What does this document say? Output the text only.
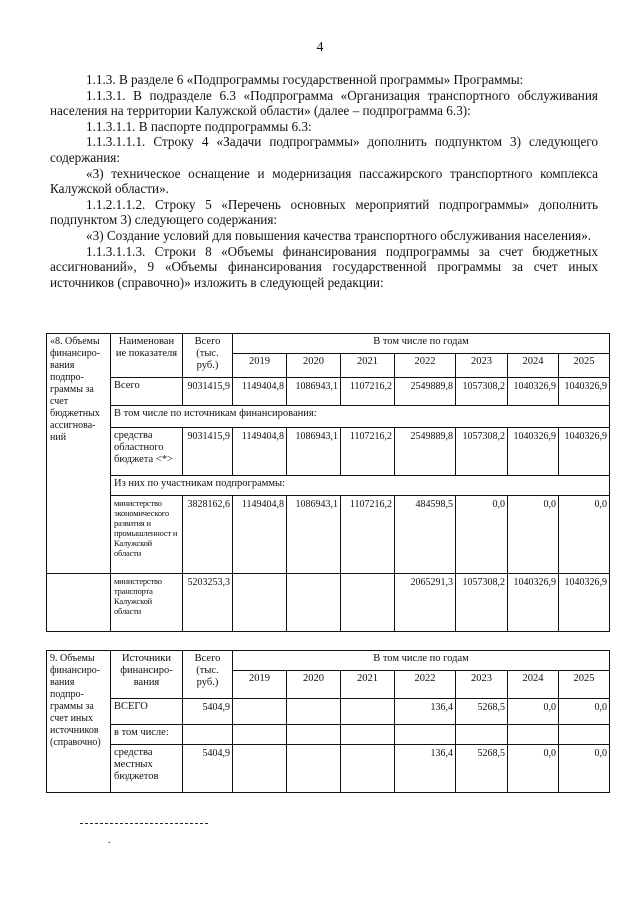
4

1.1.3. В разделе 6 «Подпрограммы государственной программы» Программы:

1.1.3.1. В подразделе 6.3 «Подпрограмма «Организация транспортного обслуживания населения на территории Калужской области» (далее – подпрограмма 6.3):

1.1.3.1.1. В паспорте подпрограммы 6.3:

1.1.3.1.1.1. Строку 4 «Задачи подпрограммы» дополнить подпунктом 3) следующего содержания:

«3) техническое оснащение и модернизация пассажирского транспортного комплекса Калужской области».

1.1.2.1.1.2. Строку 5 «Перечень основных мероприятий подпрограммы» дополнить подпунктом 3) следующего содержания:

«3) Создание условий для повышения качества транспортного обслуживания населения».

1.1.3.1.1.3. Строки 8 «Объемы финансирования подпрограммы за счет бюджетных ассигнований», 9 «Объемы финансирования государственной программы за счет иных источников (справочно)» изложить в следующей редакции:

«8. Объемы финансиро-вания подпро-граммы за счет бюджетных ассигнова-ний	Наименован ие показателя	Всего (тыс. руб.)	В том числе по годам						
			2019	2020	2021	2022	2023	2024	2025
	Всего	9031415,9	1149404,8	1086943,1	1107216,2	2549889,8	1057308,2	1040326,9	1040326,9
	В том числе по источникам финансирования:								
	средства областного бюджета <*>	9031415,9	1149404,8	1086943,1	1107216,2	2549889,8	1057308,2	1040326,9	1040326,9
	Из них по участникам подпрограммы:								
	министерство экономического развития и промышленност и Калужской области	3828162,6	1149404,8	1086943,1	1107216,2	484598,5	0,0	0,0	0,0
	министерство транспорта Калужской области	5203253,3				2065291,3	1057308,2	1040326,9	1040326,9
9. Объемы финансиро-вания подпро-граммы за счет иных источников (справочно)	Источники финансиро-вания	Всего (тыс. руб.)	В том числе по годам							
			2019	2020	2021	2022	2023	2024	2025	
	ВСЕГО	5404,9				136,4	5268,5	0,0	0,0	
	в том числе:									
	средства местных бюджетов	5404,9				136,4	5268,5	0,0	0,0	
.
